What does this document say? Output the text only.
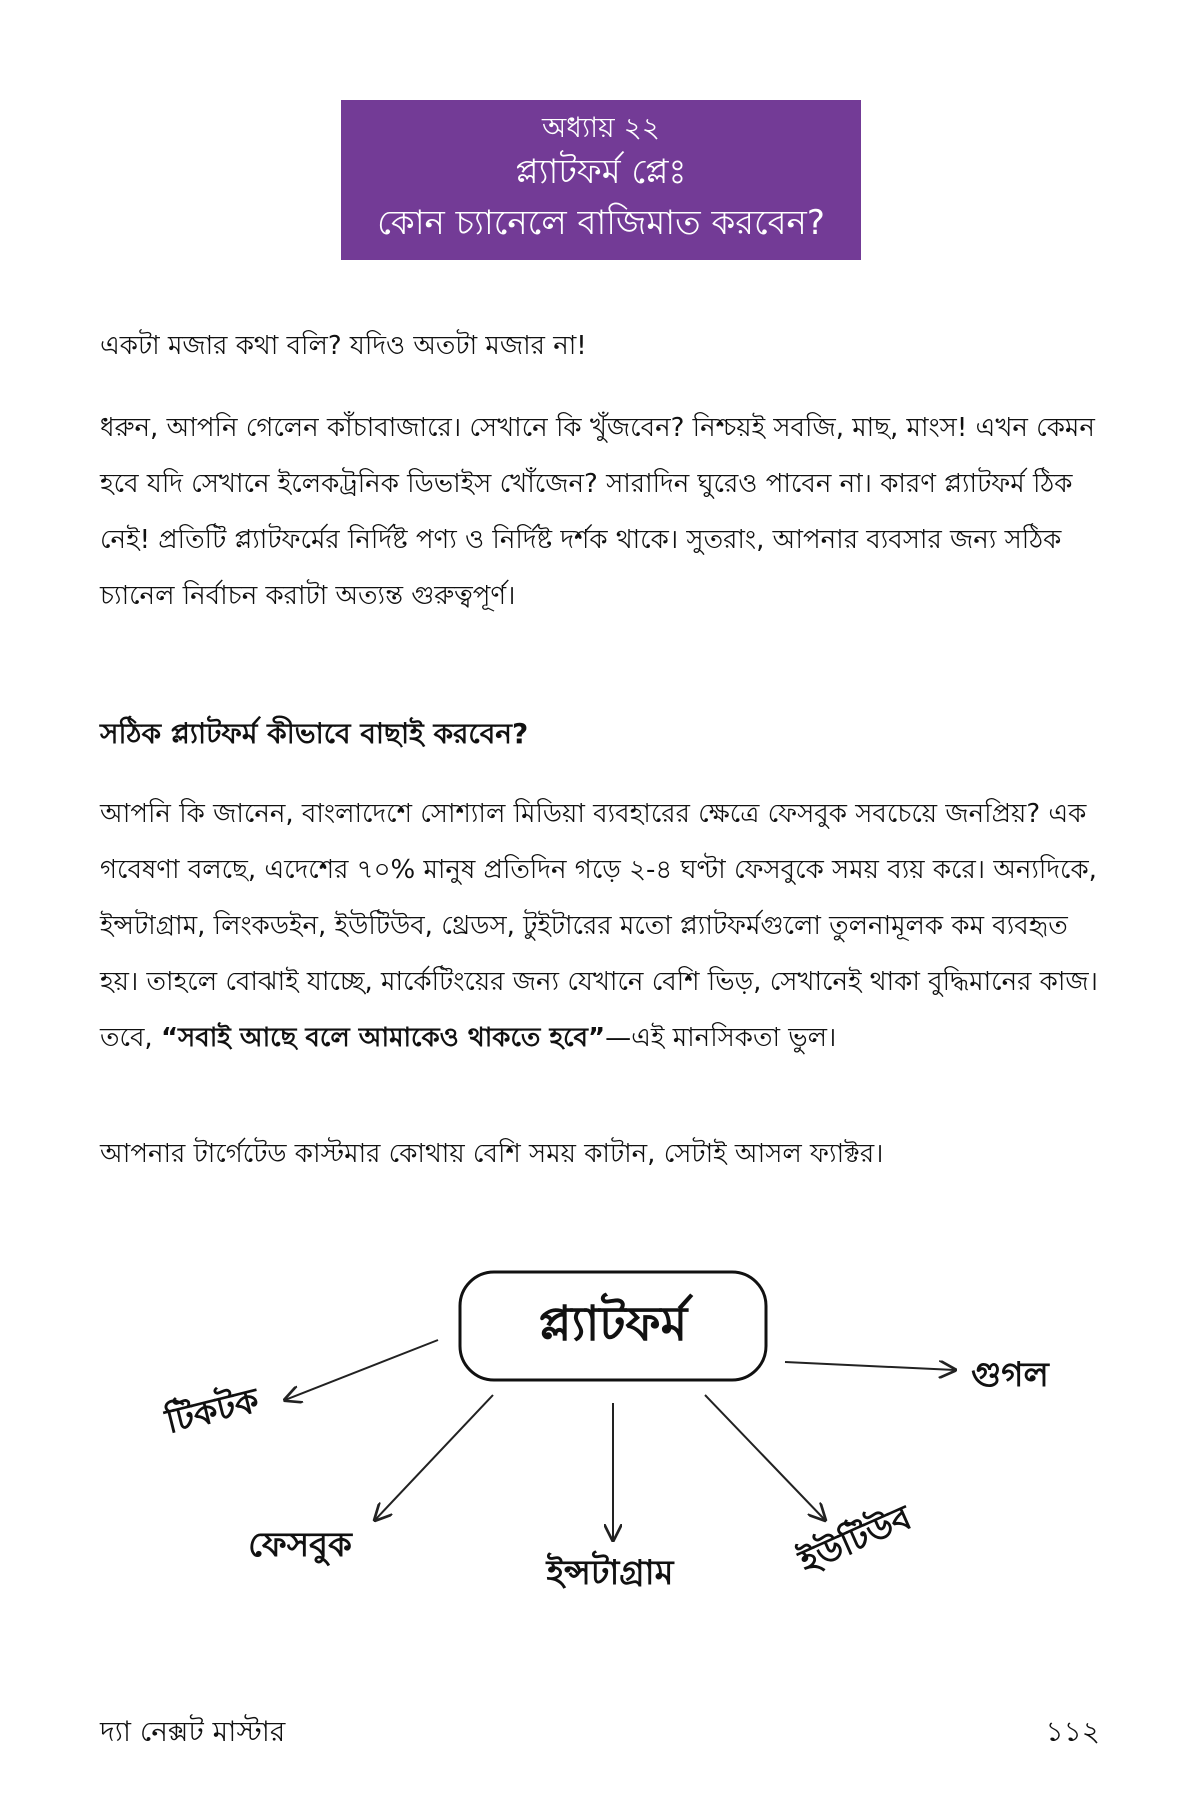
অধ্যায় ২২
প্ল্যাটফর্ম প্লেঃ
কোন চ্যানেলে বাজিমাত করবেন?

একটা মজার কথা বলি? যদিও অতটা মজার না!

ধরুন, আপনি গেলেন কাঁচাবাজারে। সেখানে কি খুঁজবেন? নিশ্চয়ই সবজি, মাছ, মাংস! এখন কেমন হবে যদি সেখানে ইলেকট্রনিক ডিভাইস খোঁজেন? সারাদিন ঘুরেও পাবেন না। কারণ প্ল্যাটফর্ম ঠিক নেই! প্রতিটি প্ল্যাটফর্মের নির্দিষ্ট পণ্য ও নির্দিষ্ট দর্শক থাকে। সুতরাং, আপনার ব্যবসার জন্য সঠিক চ্যানেল নির্বাচন করাটা অত্যন্ত গুরুত্বপূর্ণ।

সঠিক প্ল্যাটফর্ম কীভাবে বাছাই করবেন?

আপনি কি জানেন, বাংলাদেশে সোশ্যাল মিডিয়া ব্যবহারের ক্ষেত্রে ফেসবুক সবচেয়ে জনপ্রিয়? এক গবেষণা বলছে, এদেশের ৭০% মানুষ প্রতিদিন গড়ে ২-৪ ঘণ্টা ফেসবুকে সময় ব্যয় করে। অন্যদিকে, ইন্সটাগ্রাম, লিংকডইন, ইউটিউব, থ্রেডস, টুইটারের মতো প্ল্যাটফর্মগুলো তুলনামূলক কম ব্যবহৃত হয়। তাহলে বোঝাই যাচ্ছে, মার্কেটিংয়ের জন্য যেখানে বেশি ভিড়, সেখানেই থাকা বুদ্ধিমানের কাজ। তবে, “সবাই আছে বলে আমাকেও থাকতে হবে”—এই মানসিকতা ভুল।

আপনার টার্গেটেড কাস্টমার কোথায় বেশি সময় কাটান, সেটাই আসল ফ্যাক্টর।

প্ল্যাটফর্ম
টিকটক
গুগল
ফেসবুক
ইন্সটাগ্রাম	ইউটিউব
দ্যা নেক্সট মাস্টার	১১২
